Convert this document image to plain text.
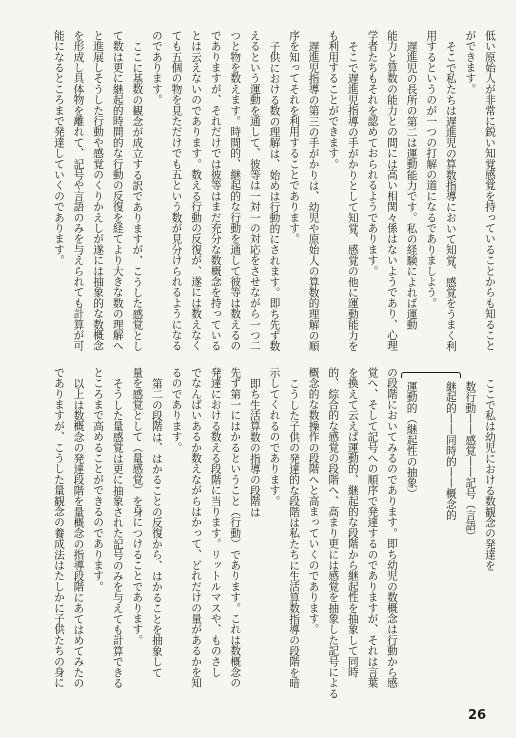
低い原始人が非常に鋭い知覚感覚を持っていることからも知ること
ができます。
そこで私たちは遅進児の算数指導において知覚、感覚をうまく利
用するというのが一つの打解の道になるでありましよう。
遅進児の長所の第二は運動能力です。私の経験によれば運動
能力と算数の能力との間には高い相関々係はないようであり、心理
学者たちもそれを認めておられるようであります。
そこで遅進児指導の手がかりとして知覚、感覚の他に運動能力を
も利用することができます。
遅進児指導の第三の手がかりは、幼児や原始人の算数的理解の順
序を知ってそれを利用することであります。
子供における数の理解は、始めは行動的にされます。即ち先ず数
えるという運動を通して、彼等は一対一の対応をさせながら一つ二
つと物を数えます。時間的、継起的な行動を通して彼等は数えるの
でありますが、それだけでは彼等はまだ充分な数概念を持っている
とは云えないのであります。数える行動の反復が、遂には数えなく
ても五個の物を見ただけでも五という数が見分けられるようになる
のであります。
ここに基数の観念が成立する訳でありますが、こうした感覚とし
て数は更に継起的時間的な行動の反復を経てより大きな数の理解へ
と進展しそうした行動や感覚のくりかえしが遂には抽象的な数概念
を形成し具体物を離れて、記号や言語のみを与えられても計算が可
能になるところまで発達していくのであります。
ここで私は幼児における数観念の発達を
数行動——感覚——記号（言語）
継起的——同時的——概念的
運動的（継起性の抽象）
の段階においてみるのであります。即ち幼児の数概念は行動から感
覚へ、そして記号への順序で発達するのでありますが、それは言葉
を換えて云えば運動的、継起的な段階から継起性を抽象して同時
的、綜合的な感覚の段階へ、高まり更には感覚を抽象した記号による
概念的な数操作の段階へと高まっていくのであります。
こうした子供の発達的な段階は私たちに生活算数指導の段階を暗
示してくれるのであります。
即ち生活算数の指導の段階は
先ず第一にはかるということ（行動）であります。これは数概念の
発達における数える段階に当ります。リットルマスや、ものさし
でなんばいあるか数えながらはかって、どれだけの量があるかを知
るのであります。
第二の段階は、はかることの反復から、はかることを抽象して
量を感覚として（量感覚）を身につけることであります。
そうした量感覚は更に抽象された記号のみを与えても計算できる
ところまで高めることができるのであります。
以上は数概念の発達段階を量概念の指導段階にあてはめてみたの
でありますが、こうした量観念の養成法はたしかに子供たちの身に
26
